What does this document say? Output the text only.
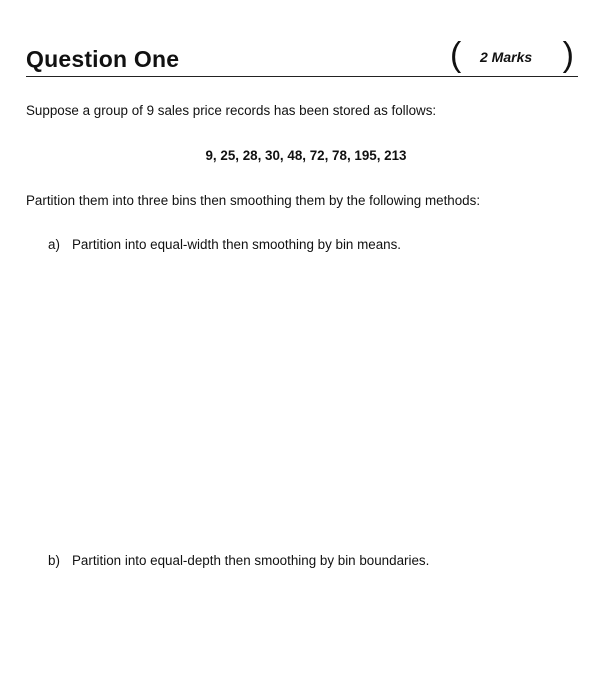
Question One	( 2 Marks )
Suppose a group of 9 sales price records has been stored as follows:
9, 25, 28, 30, 48, 72, 78, 195, 213
Partition them into three bins then smoothing them by the following methods:
a) Partition into equal-width then smoothing by bin means.
b) Partition into equal-depth then smoothing by bin boundaries.
